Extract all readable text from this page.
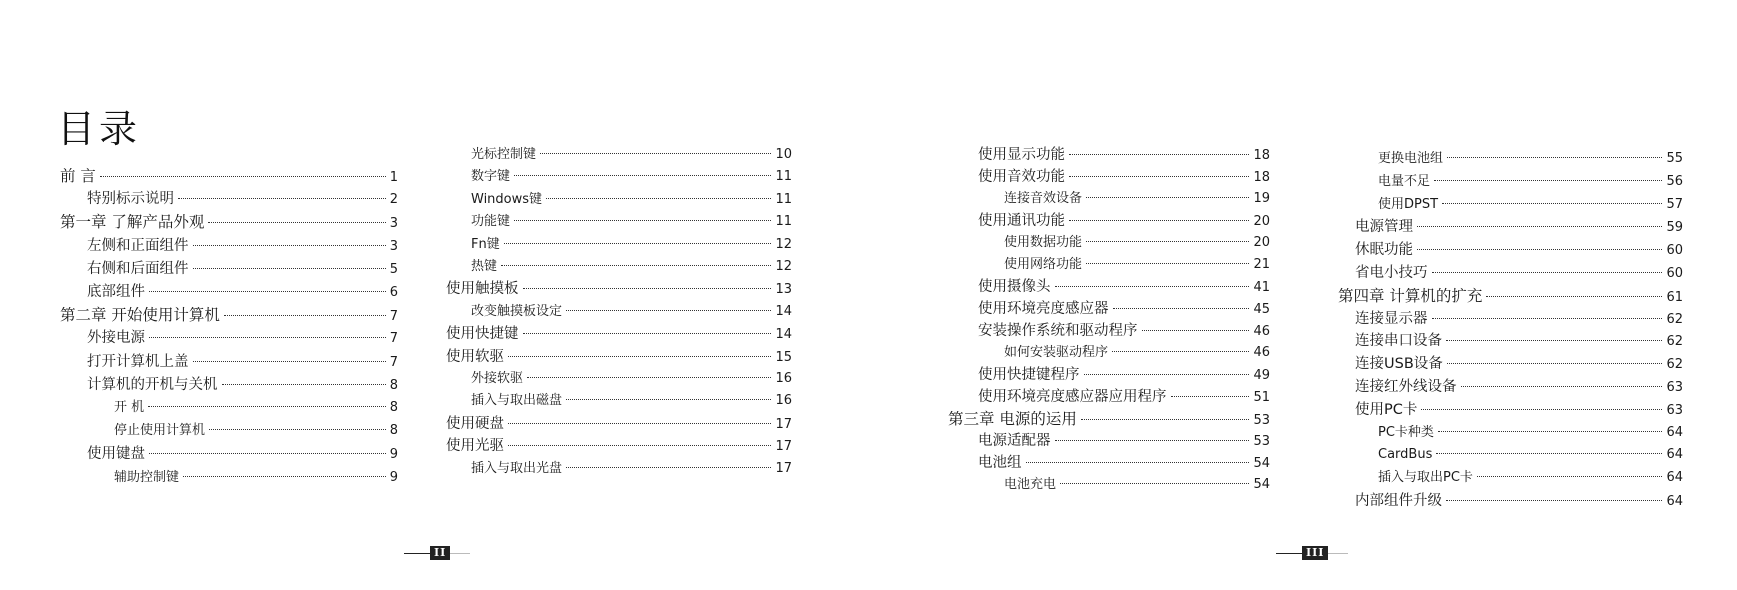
目录
前 言	1
特别标示说明	2
第一章 了解产品外观	3
左侧和正面组件	3
右侧和后面组件	5
底部组件	6
第二章 开始使用计算机	7
外接电源	7
打开计算机上盖	7
计算机的开机与关机	8
开 机	8
停止使用计算机	8
使用键盘	9
辅助控制键	9
光标控制键	10
数字键	11
Windows键	11
功能键	11
Fn键	12
热键	12
使用触摸板	13
改变触摸板设定	14
使用快捷键	14
使用软驱	15
外接软驱	16
插入与取出磁盘	16
使用硬盘	17
使用光驱	17
插入与取出光盘	17
使用显示功能	18
使用音效功能	18
连接音效设备	19
使用通讯功能	20
使用数据功能	20
使用网络功能	21
使用摄像头	41
使用环境亮度感应器	45
安装操作系统和驱动程序	46
如何安装驱动程序	46
使用快捷键程序	49
使用环境亮度感应器应用程序	51
第三章 电源的运用	53
电源适配器	53
电池组	54
电池充电	54
更换电池组	55
电量不足	56
使用DPST	57
电源管理	59
休眠功能	60
省电小技巧	60
第四章 计算机的扩充	61
连接显示器	62
连接串口设备	62
连接USB设备	62
连接红外线设备	63
使用PC卡	63
PC卡种类	64
CardBus	64
插入与取出PC卡	64
内部组件升级	64
II	III
